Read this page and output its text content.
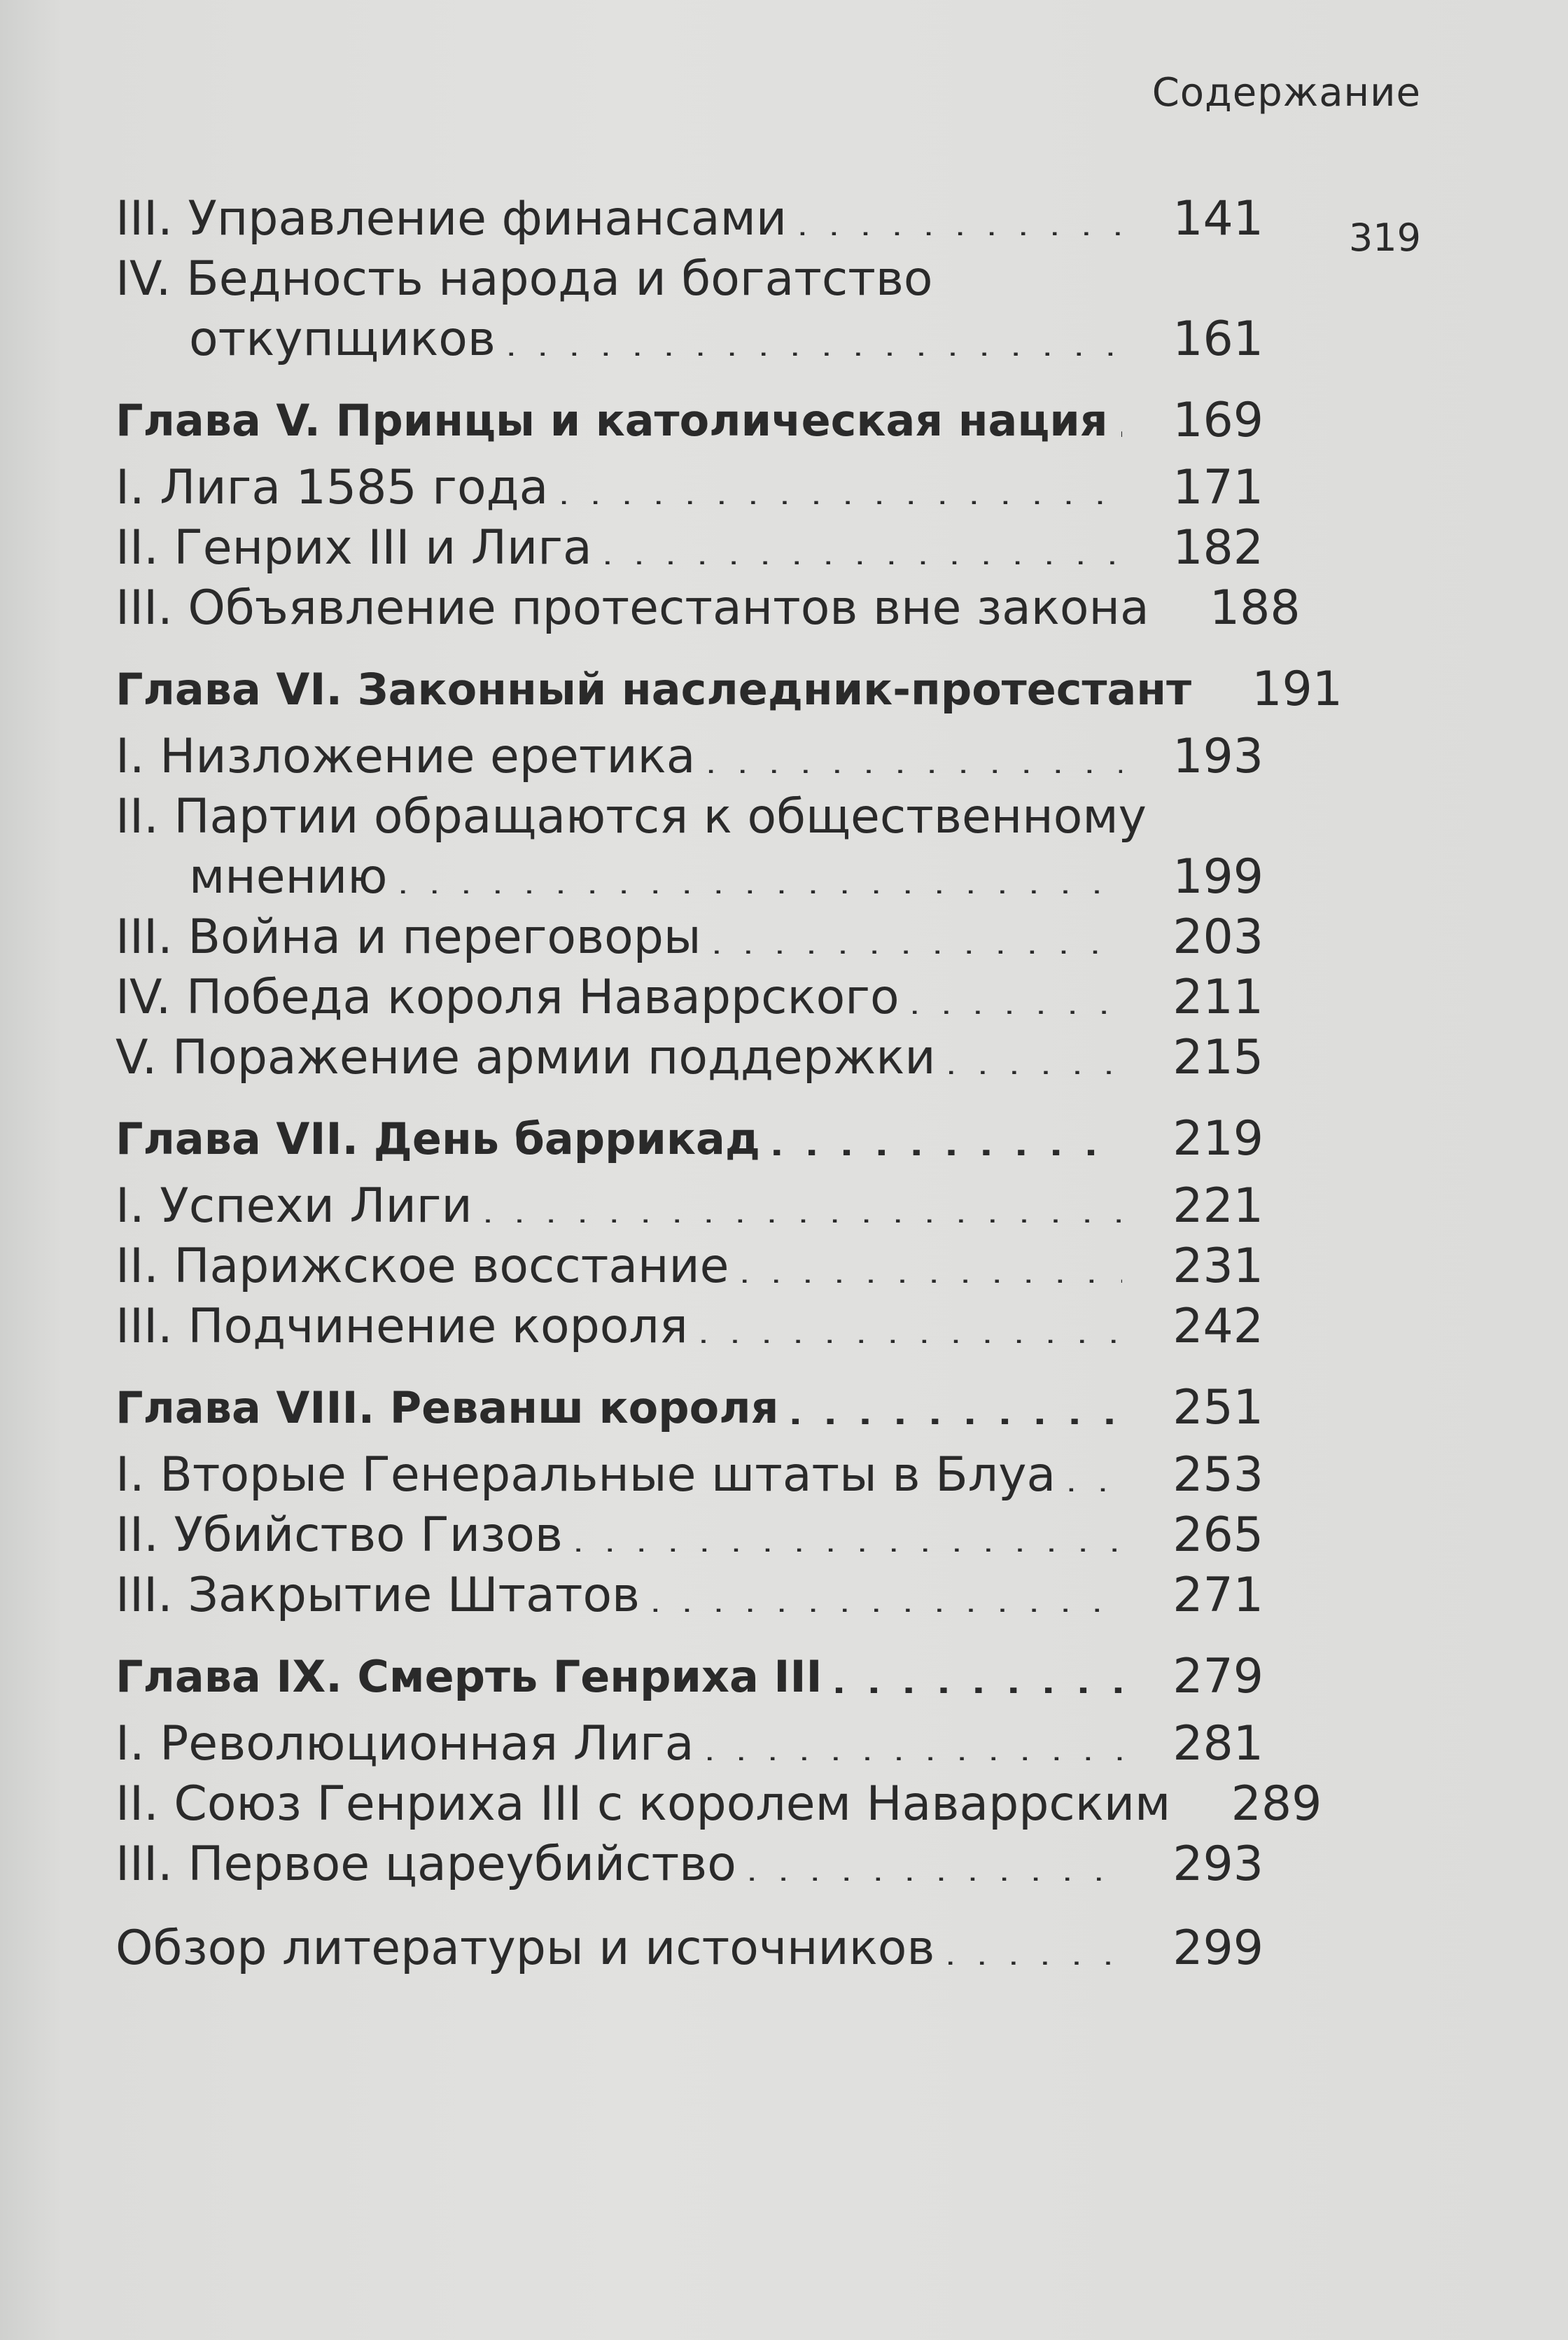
Содержание
319
III. Управление финансами . . .	141
IV. Бедность народа и богатство
откупщиков . . .	161
Глава V. Принцы и католическая нация . . .	169
I. Лига 1585 года . . .	171
II. Генрих III и Лига . . .	182
III. Объявление протестантов вне закона	188
Глава VI. Законный наследник-протестант	191
I. Низложение еретика . . .	193
II. Партии обращаются к общественному
мнению . . .	199
III. Война и переговоры . . .	203
IV. Победа короля Наваррского . . .	211
V. Поражение армии поддержки . . .	215
Глава VII. День баррикад . . .	219
I. Успехи Лиги . . .	221
II. Парижское восстание . . .	231
III. Подчинение короля . . .	242
Глава VIII. Реванш короля . . .	251
I. Вторые Генеральные штаты в Блуа . . .	253
II. Убийство Гизов . . .	265
III. Закрытие Штатов . . .	271
Глава IX. Смерть Генриха III . . .	279
I. Революционная Лига . . .	281
II. Союз Генриха III с королем Наваррским	289
III. Первое цареубийство . . .	293
Обзор литературы и источников . . .	299
